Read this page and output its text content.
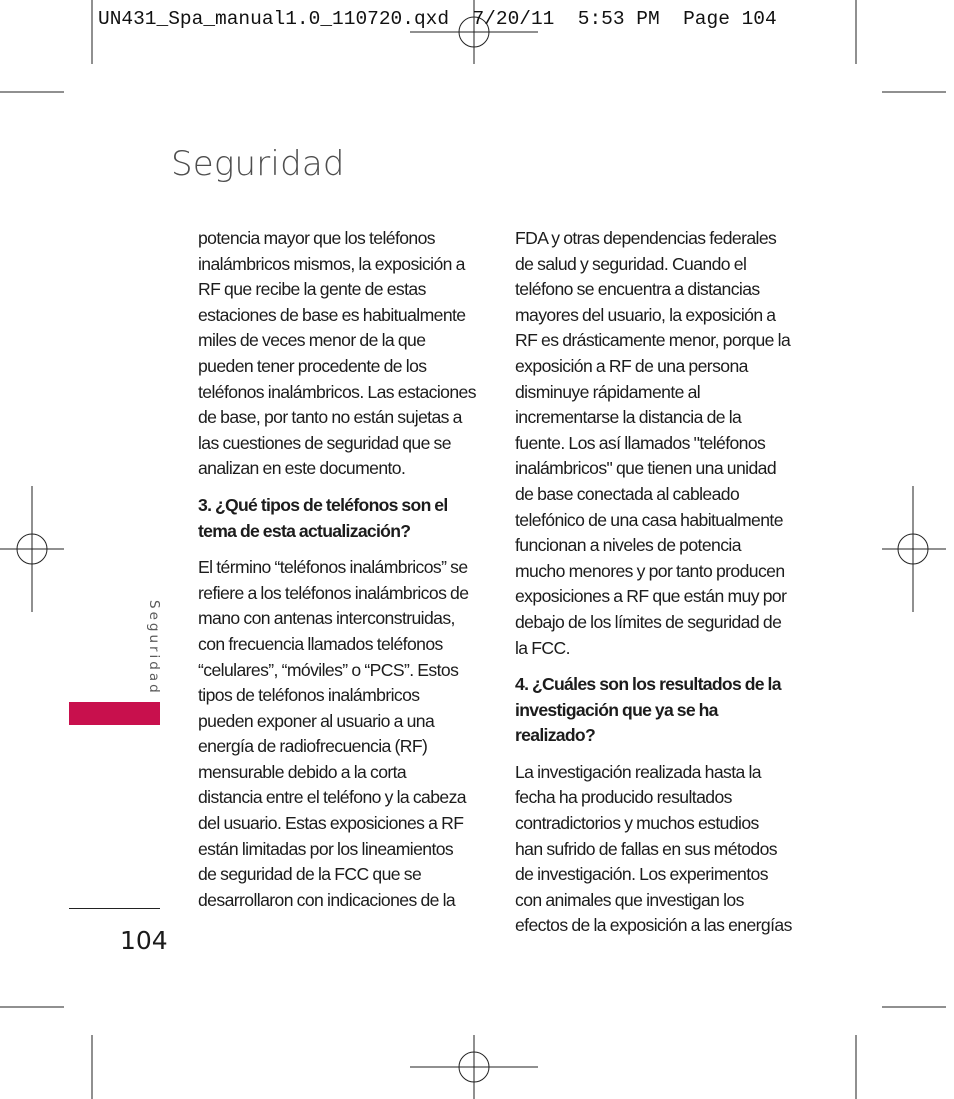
UN431_Spa_manual1.0_110720.qxd  7/20/11  5:53 PM  Page 104
Seguridad

potencia mayor que los teléfonos

inalámbricos mismos, la exposición a

RF que recibe la gente de estas

estaciones de base es habitualmente

miles de veces menor de la que

pueden tener procedente de los

teléfonos inalámbricos. Las estaciones

de base, por tanto no están sujetas a

las cuestiones de seguridad que se

analizan en este documento.

3. ¿Qué tipos de teléfonos son el

tema de esta actualización?

El término “teléfonos inalámbricos” se

refiere a los teléfonos inalámbricos de

mano con antenas interconstruidas,

con frecuencia llamados teléfonos

“celulares”, “móviles” o “PCS”. Estos

tipos de teléfonos inalámbricos

pueden exponer al usuario a una

energía de radiofrecuencia (RF)

mensurable debido a la corta

distancia entre el teléfono y la cabeza

del usuario. Estas exposiciones a RF

están limitadas por los lineamientos

de seguridad de la FCC que se

desarrollaron con indicaciones de la

FDA y otras dependencias federales

de salud y seguridad. Cuando el

teléfono se encuentra a distancias

mayores del usuario, la exposición a

RF es drásticamente menor, porque la

exposición a RF de una persona

disminuye rápidamente al

incrementarse la distancia de la

fuente. Los así llamados "teléfonos

inalámbricos" que tienen una unidad

de base conectada al cableado

telefónico de una casa habitualmente

funcionan a niveles de potencia

mucho menores y por tanto producen

exposiciones a RF que están muy por

debajo de los límites de seguridad de

la FCC.

4. ¿Cuáles son los resultados de la

investigación que ya se ha realizado?

La investigación realizada hasta la

fecha ha producido resultados

contradictorios y muchos estudios

han sufrido de fallas en sus métodos

de investigación. Los experimentos

con animales que investigan los

efectos de la exposición a las energías

Seguridad
104
